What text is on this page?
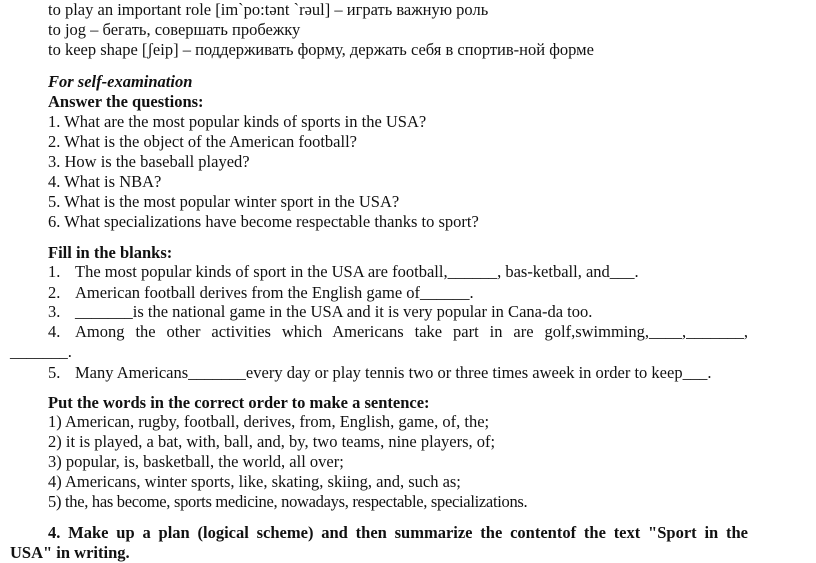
to play an important role [im`po:tənt `rəul] – играть важную роль
to jog – бегать, совершать пробежку
to keep shape [ʃeip] – поддерживать форму, держать себя в спортив-ной форме
For self-examination
Answer the questions:
1. What are the most popular kinds of sports in the USA?
2. What is the object of the American football?
3. How is the baseball played?
4. What is NBA?
5. What is the most popular winter sport in the USA?
6. What specializations have become respectable thanks to sport?
Fill in the blanks:
1. The most popular kinds of sport in the USA are football,______, bas-ketball, and___.
2. American football derives from the English game of______.
3. _______is the national game in the USA and it is very popular in Cana-da too.
4. Among the other activities which Americans take part in are golf,swimming,____,_______,
_______.
5. Many Americans_______every day or play tennis two or three times aweek in order to keep___.
Put the words in the correct order to make a sentence:
1) American, rugby, football, derives, from, English, game, of, the;
2) it is played, a bat, with, ball, and, by, two teams, nine players, of;
3) popular, is, basketball, the world, all over;
4) Americans, winter sports, like, skating, skiing, and, such as;
5) the, has become, sports medicine, nowadays, respectable, specializations.
4. Make up a plan (logical scheme) and then summarize the contentof the text "Sport in the
USA" in writing.
